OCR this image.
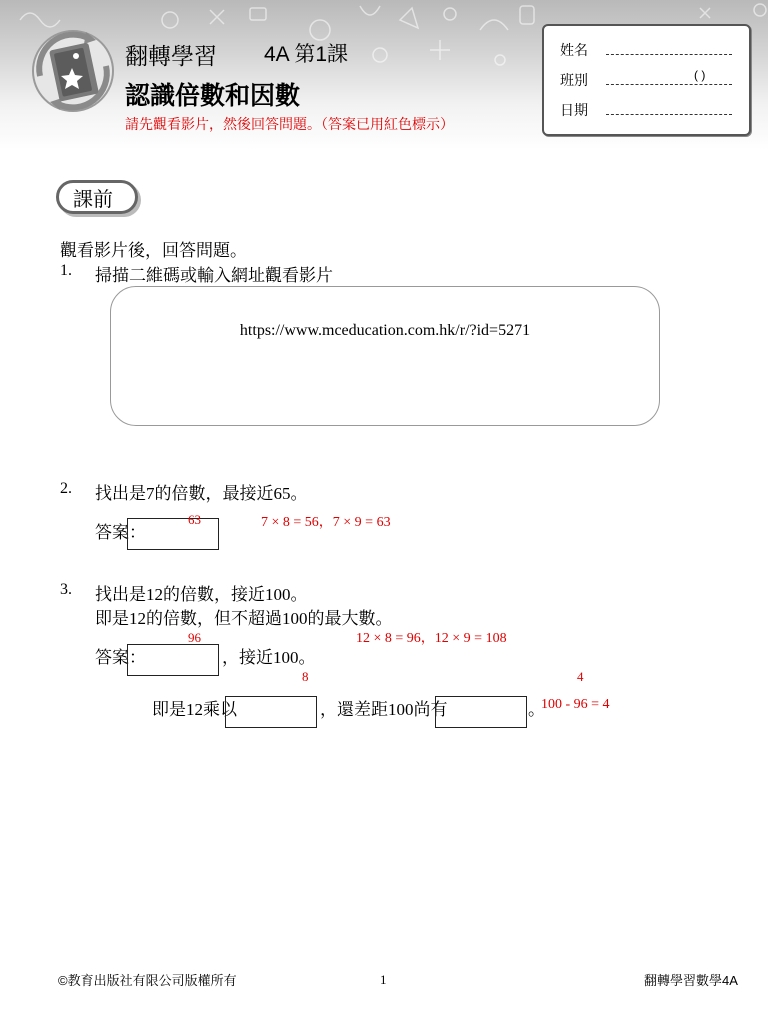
翻轉學習 4A 第1課
認識倍數和因數
請先觀看影片，然後回答問題。（答案已用紅色標示）
姓名
班別	( )
日期
課前
觀看影片後，回答問題。
1. 掃描二維碼或輸入網址觀看影片
https://www.mceducation.com.hk/r/?id=5271
2. 找出是7的倍數，最接近65。
答案：
63	7 × 8 = 56，7 × 9 = 63
3. 找出是12的倍數，接近100。
即是12的倍數，但不超過100的最大數。
96	12 × 8 = 96，12 × 9 = 108
答案：	，接近100。
8	4
即是12乘以	，還差距100尚有	。
100 - 96 = 4
©教育出版社有限公司版權所有	1	翻轉學習數學4A
